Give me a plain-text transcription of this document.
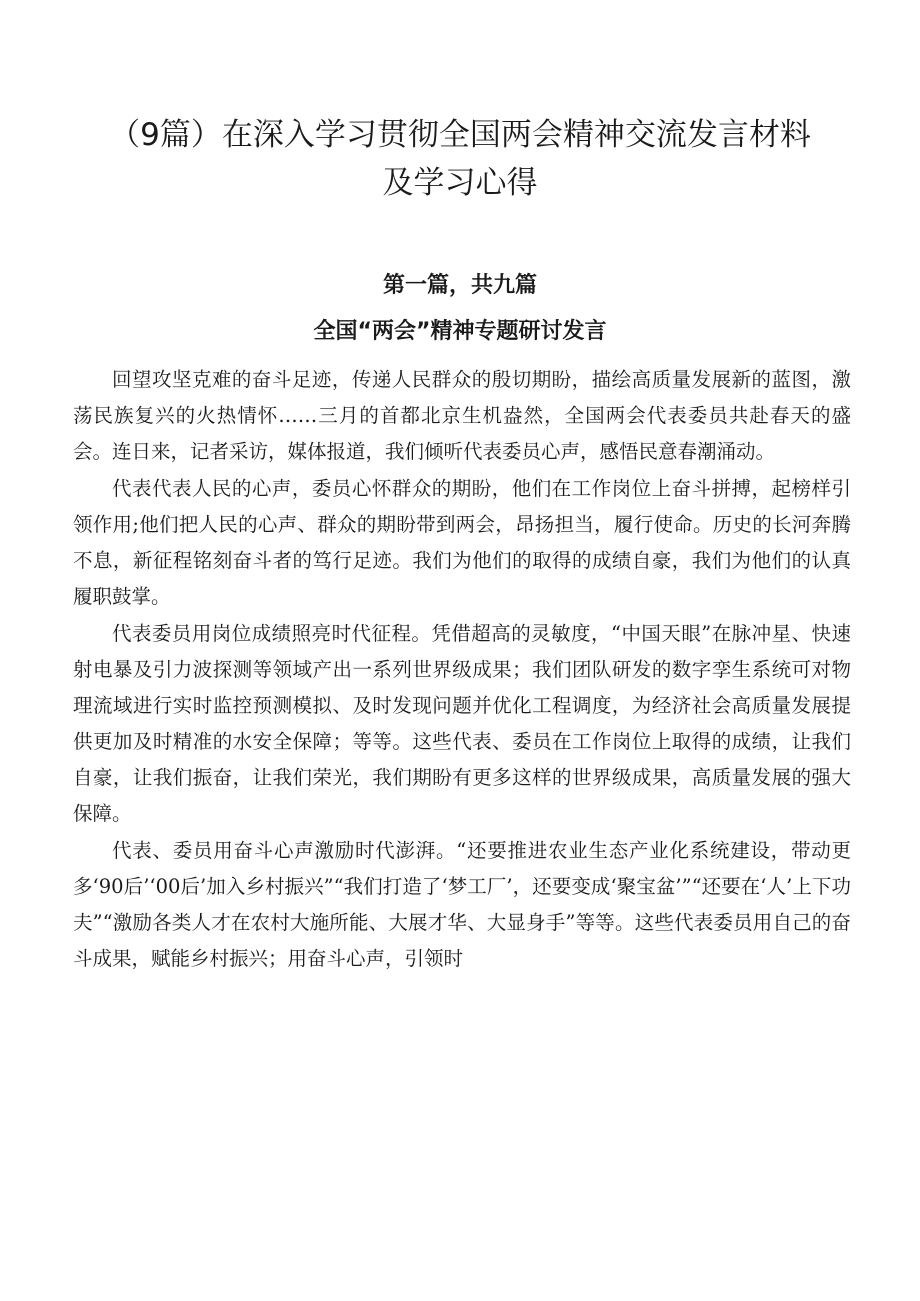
（9篇）在深入学习贯彻全国两会精神交流发言材料
及学习心得
第一篇，共九篇
全国“两会”精神专题研讨发言

回望攻坚克难的奋斗足迹，传递人民群众的殷切期盼，描绘高质量发展新的蓝图，激荡民族复兴的火热情怀……三月的首都北京生机盎然，全国两会代表委员共赴春天的盛会。连日来，记者采访，媒体报道，我们倾听代表委员心声，感悟民意春潮涌动。

代表代表人民的心声，委员心怀群众的期盼，他们在工作岗位上奋斗拼搏，起榜样引领作用;他们把人民的心声、群众的期盼带到两会，昂扬担当，履行使命。历史的长河奔腾不息，新征程铭刻奋斗者的笃行足迹。我们为他们的取得的成绩自豪，我们为他们的认真履职鼓掌。

代表委员用岗位成绩照亮时代征程。凭借超高的灵敏度，“中国天眼”在脉冲星、快速射电暴及引力波探测等领域产出一系列世界级成果；我们团队研发的数字孪生系统可对物理流域进行实时监控预测模拟、及时发现问题并优化工程调度，为经济社会高质量发展提供更加及时精准的水安全保障；等等。这些代表、委员在工作岗位上取得的成绩，让我们自豪，让我们振奋，让我们荣光，我们期盼有更多这样的世界级成果，高质量发展的强大保障。

代表、委员用奋斗心声激励时代澎湃。“还要推进农业生态产业化系统建设，带动更多‘90后’‘00后’加入乡村振兴”“我们打造了‘梦工厂’，还要变成‘聚宝盆’”“还要在‘人’上下功夫”“激励各类人才在农村大施所能、大展才华、大显身手”等等。这些代表委员用自己的奋斗成果，赋能乡村振兴；用奋斗心声，引领时
